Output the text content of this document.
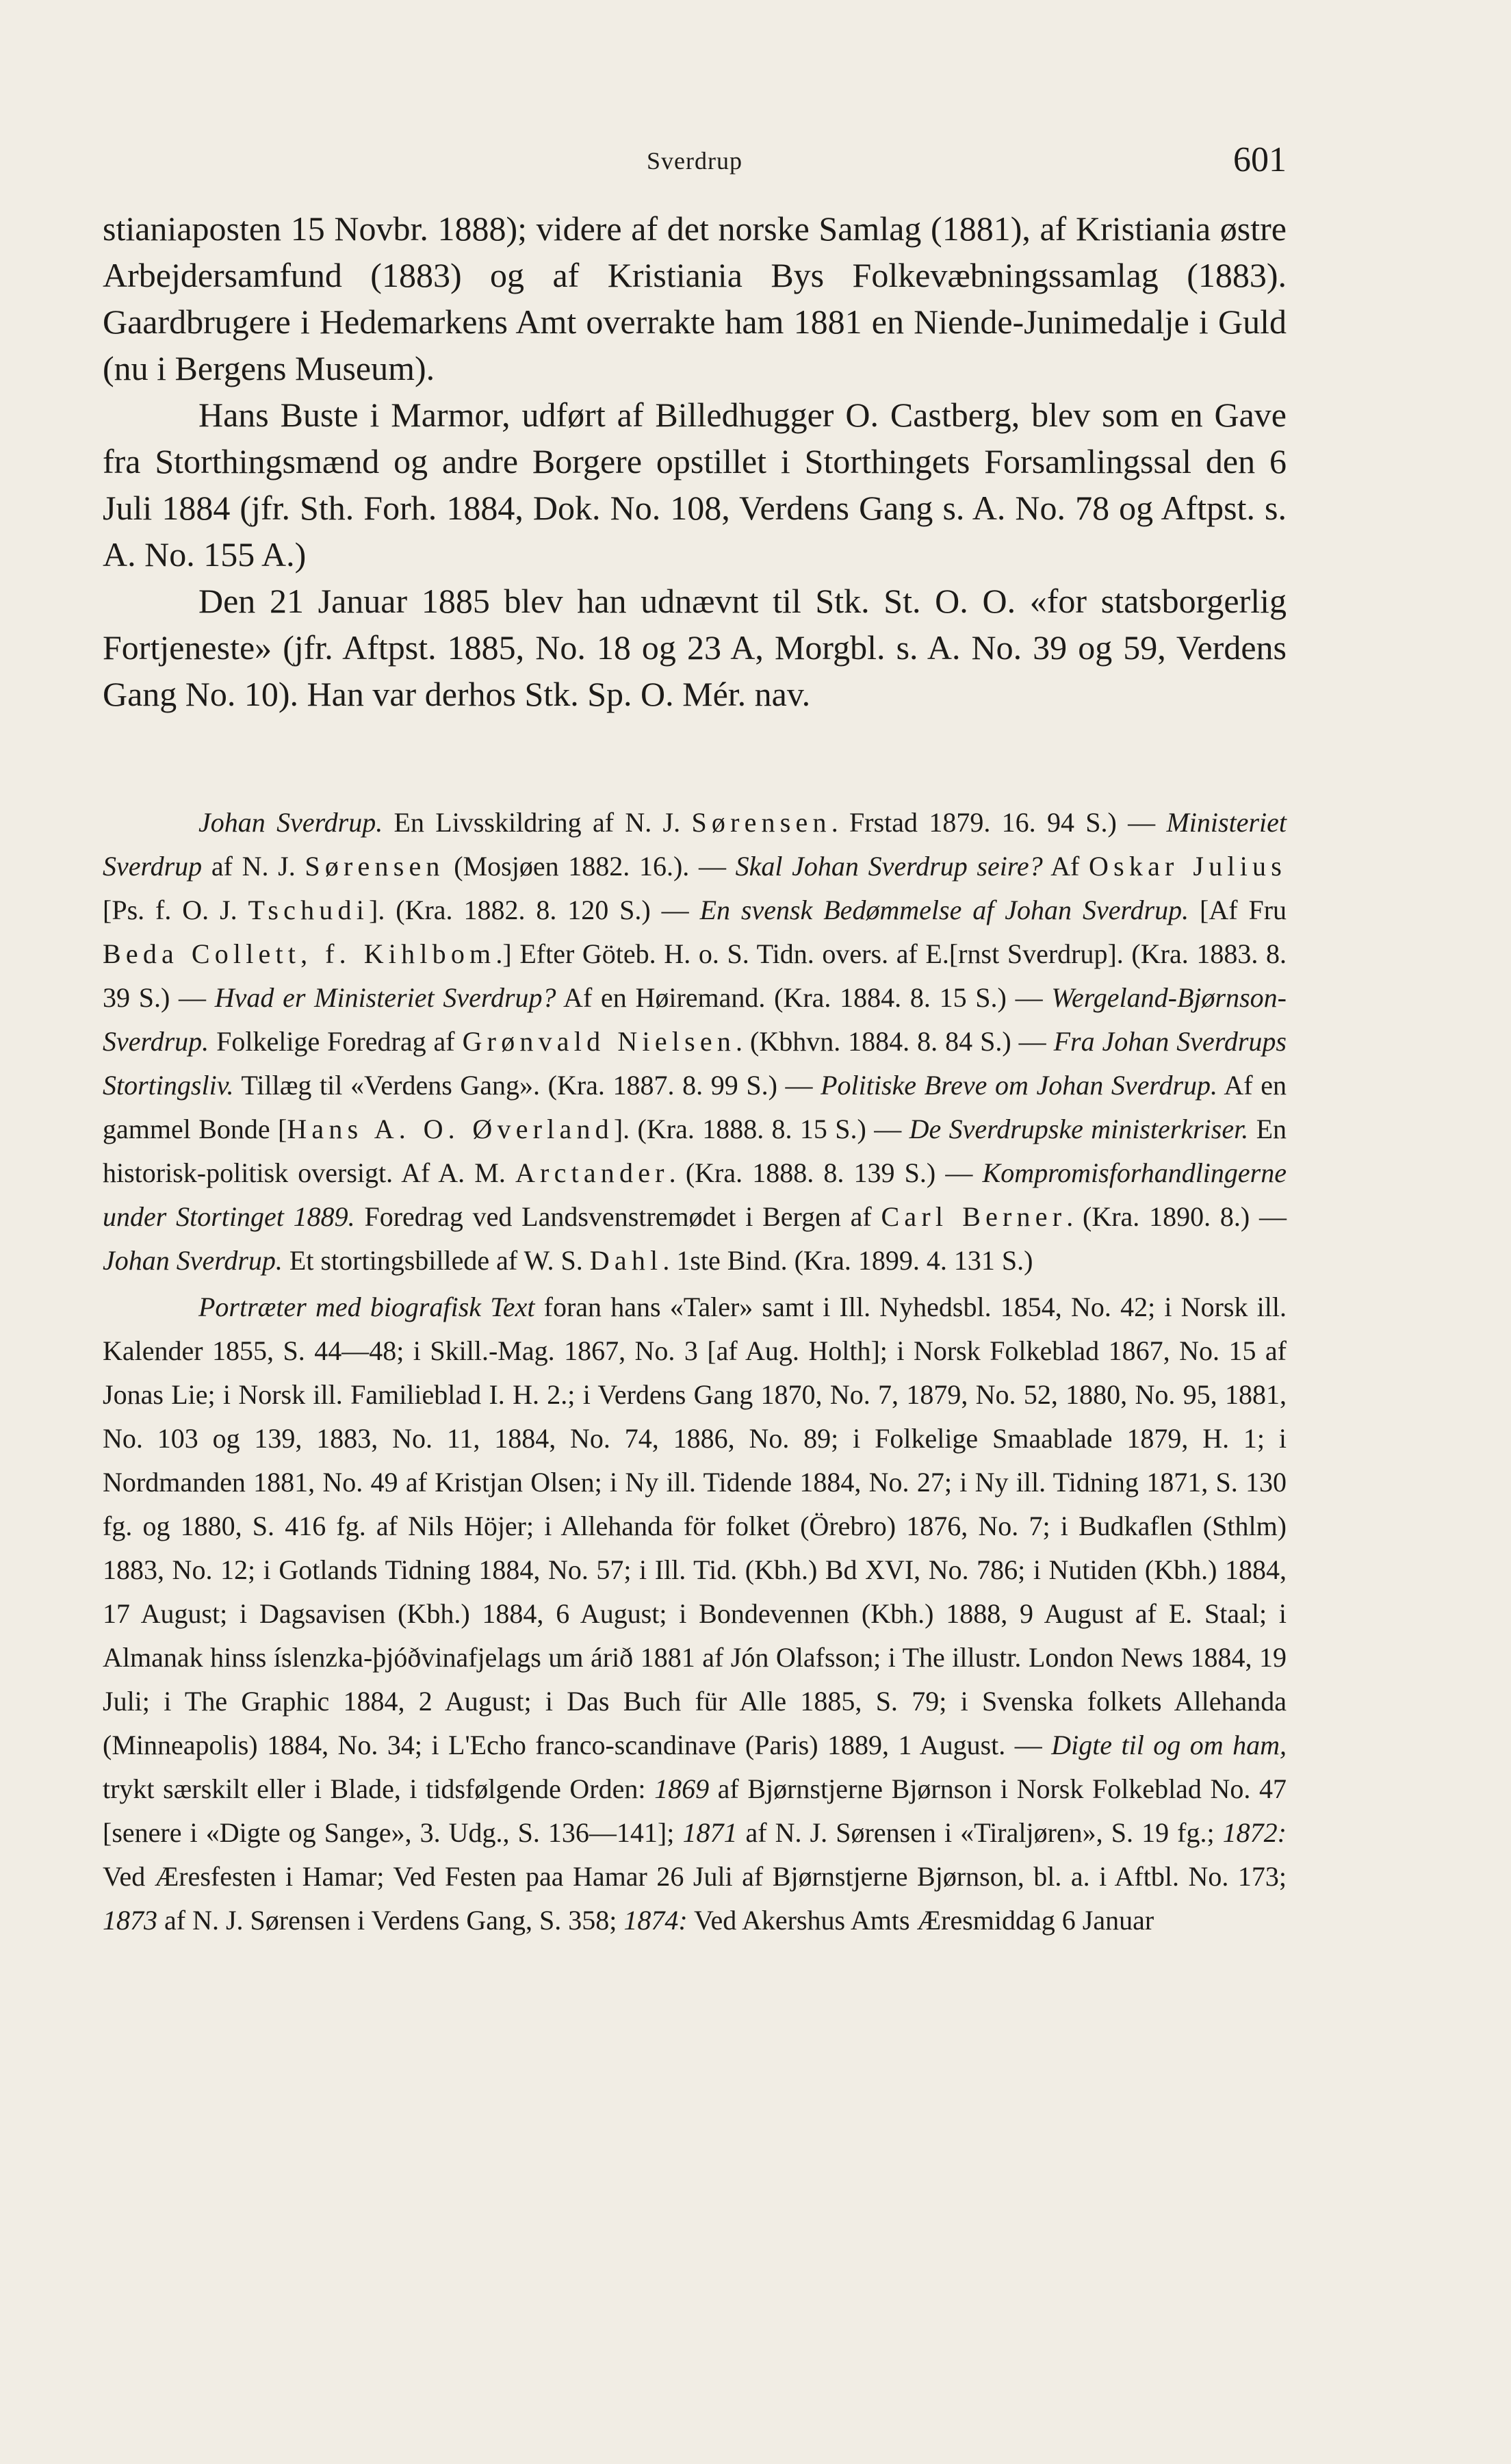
Sverdrup	601

stianiaposten 15 Novbr. 1888); videre af det norske Samlag (1881), af Kristiania østre Arbejdersamfund (1883) og af Kristiania Bys Folkevæbningssamlag (1883). Gaardbrugere i Hedemarkens Amt overrakte ham 1881 en Niende-Junimedalje i Guld (nu i Bergens Museum).

Hans Buste i Marmor, udført af Billedhugger O. Castberg, blev som en Gave fra Storthingsmænd og andre Borgere opstillet i Storthingets Forsamlingssal den 6 Juli 1884 (jfr. Sth. Forh. 1884, Dok. No. 108, Verdens Gang s. A. No. 78 og Aftpst. s. A. No. 155 A.)

Den 21 Januar 1885 blev han udnævnt til Stk. St. O. O. «for statsborgerlig Fortjeneste» (jfr. Aftpst. 1885, No. 18 og 23 A, Morgbl. s. A. No. 39 og 59, Verdens Gang No. 10). Han var derhos Stk. Sp. O. Mér. nav.

Johan Sverdrup. En Livsskildring af N. J. Sørensen. Frstad 1879. 16. 94 S.) — Ministeriet Sverdrup af N. J. Sørensen (Mosjøen 1882. 16.). — Skal Johan Sverdrup seire? Af Oskar Julius [Ps. f. O. J. Tschudi]. (Kra. 1882. 8. 120 S.) — En svensk Bedømmelse af Johan Sverdrup. [Af Fru Beda Collett, f. Kihlbom.] Efter Göteb. H. o. S. Tidn. overs. af E.[rnst Sverdrup]. (Kra. 1883. 8. 39 S.) — Hvad er Ministeriet Sverdrup? Af en Høiremand. (Kra. 1884. 8. 15 S.) — Wergeland-Bjørnson-Sverdrup. Folkelige Foredrag af Grønvald Nielsen. (Kbhvn. 1884. 8. 84 S.) — Fra Johan Sverdrups Stortingsliv. Tillæg til «Verdens Gang». (Kra. 1887. 8. 99 S.) — Politiske Breve om Johan Sverdrup. Af en gammel Bonde [Hans A. O. Øverland]. (Kra. 1888. 8. 15 S.) — De Sverdrupske ministerkriser. En historisk-politisk oversigt. Af A. M. Arctander. (Kra. 1888. 8. 139 S.) — Kompromisforhandlingerne under Stortinget 1889. Foredrag ved Landsvenstremødet i Bergen af Carl Berner. (Kra. 1890. 8.) — Johan Sverdrup. Et stortingsbillede af W. S. Dahl. 1ste Bind. (Kra. 1899. 4. 131 S.)

Portræter med biografisk Text foran hans «Taler» samt i Ill. Nyhedsbl. 1854, No. 42; i Norsk ill. Kalender 1855, S. 44—48; i Skill.-Mag. 1867, No. 3 [af Aug. Holth]; i Norsk Folkeblad 1867, No. 15 af Jonas Lie; i Norsk ill. Familieblad I. H. 2.; i Verdens Gang 1870, No. 7, 1879, No. 52, 1880, No. 95, 1881, No. 103 og 139, 1883, No. 11, 1884, No. 74, 1886, No. 89; i Folkelige Smaablade 1879, H. 1; i Nordmanden 1881, No. 49 af Kristjan Olsen; i Ny ill. Tidende 1884, No. 27; i Ny ill. Tidning 1871, S. 130 fg. og 1880, S. 416 fg. af Nils Höjer; i Allehanda för folket (Örebro) 1876, No. 7; i Budkaflen (Sthlm) 1883, No. 12; i Gotlands Tidning 1884, No. 57; i Ill. Tid. (Kbh.) Bd XVI, No. 786; i Nutiden (Kbh.) 1884, 17 August; i Dagsavisen (Kbh.) 1884, 6 August; i Bondevennen (Kbh.) 1888, 9 August af E. Staal; i Almanak hinss íslenzka-þjóðvinafjelags um árið 1881 af Jón Olafsson; i The illustr. London News 1884, 19 Juli; i The Graphic 1884, 2 August; i Das Buch für Alle 1885, S. 79; i Svenska folkets Allehanda (Minneapolis) 1884, No. 34; i L'Echo franco-scandinave (Paris) 1889, 1 August. — Digte til og om ham, trykt særskilt eller i Blade, i tidsfølgende Orden: 1869 af Bjørnstjerne Bjørnson i Norsk Folkeblad No. 47 [senere i «Digte og Sange», 3. Udg., S. 136—141]; 1871 af N. J. Sørensen i «Tiraljøren», S. 19 fg.; 1872: Ved Æresfesten i Hamar; Ved Festen paa Hamar 26 Juli af Bjørnstjerne Bjørnson, bl. a. i Aftbl. No. 173; 1873 af N. J. Sørensen i Verdens Gang, S. 358; 1874: Ved Akershus Amts Æresmiddag 6 Januar
